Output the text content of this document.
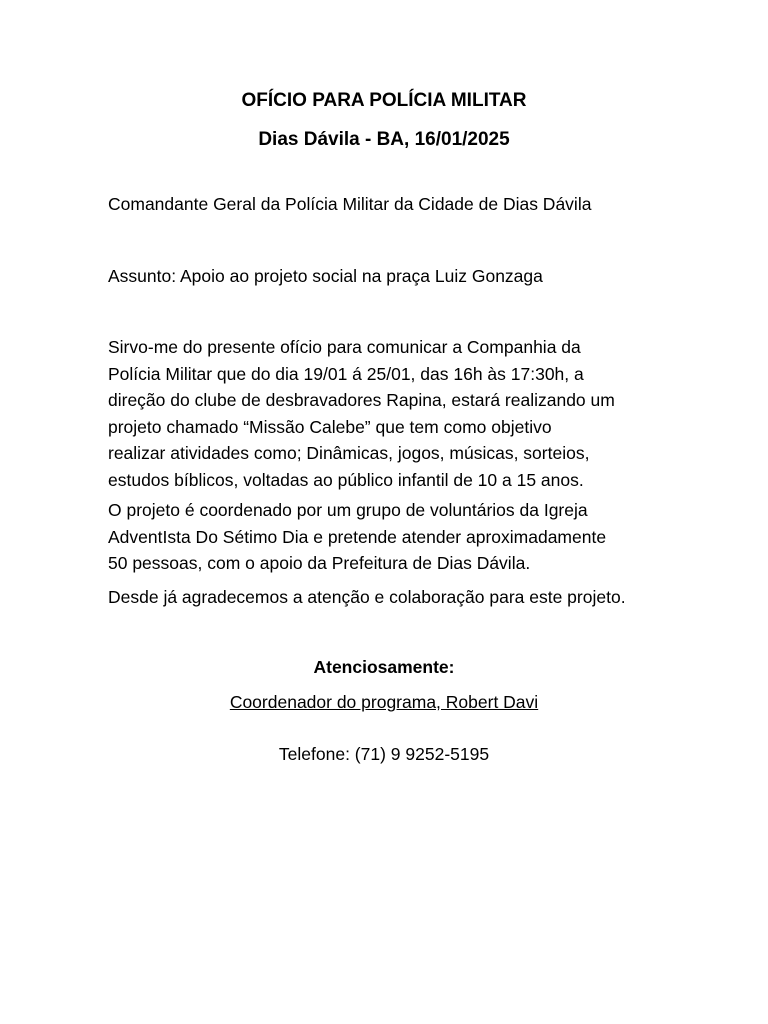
OFÍCIO PARA POLÍCIA MILITAR
Dias Dávila - BA, 16/01/2025
Comandante Geral da Polícia Militar da Cidade de Dias Dávila
Assunto: Apoio ao projeto social na praça Luiz Gonzaga

Sirvo-me do presente ofício para comunicar a Companhia da
Polícia Militar que do dia 19/01 á 25/01, das 16h às 17:30h, a
direção do clube de desbravadores Rapina, estará realizando um
projeto chamado “Missão Calebe” que tem como objetivo
realizar atividades como; Dinâmicas, jogos, músicas, sorteios,
estudos bíblicos, voltadas ao público infantil de 10 a 15 anos.

O projeto é coordenado por um grupo de voluntários da Igreja
AdventIsta Do Sétimo Dia e pretende atender aproximadamente
50 pessoas, com o apoio da Prefeitura de Dias Dávila.

Desde já agradecemos a atenção e colaboração para este projeto.

Atenciosamente:
Coordenador do programa, Robert Davi
Telefone: (71) 9 9252-5195
